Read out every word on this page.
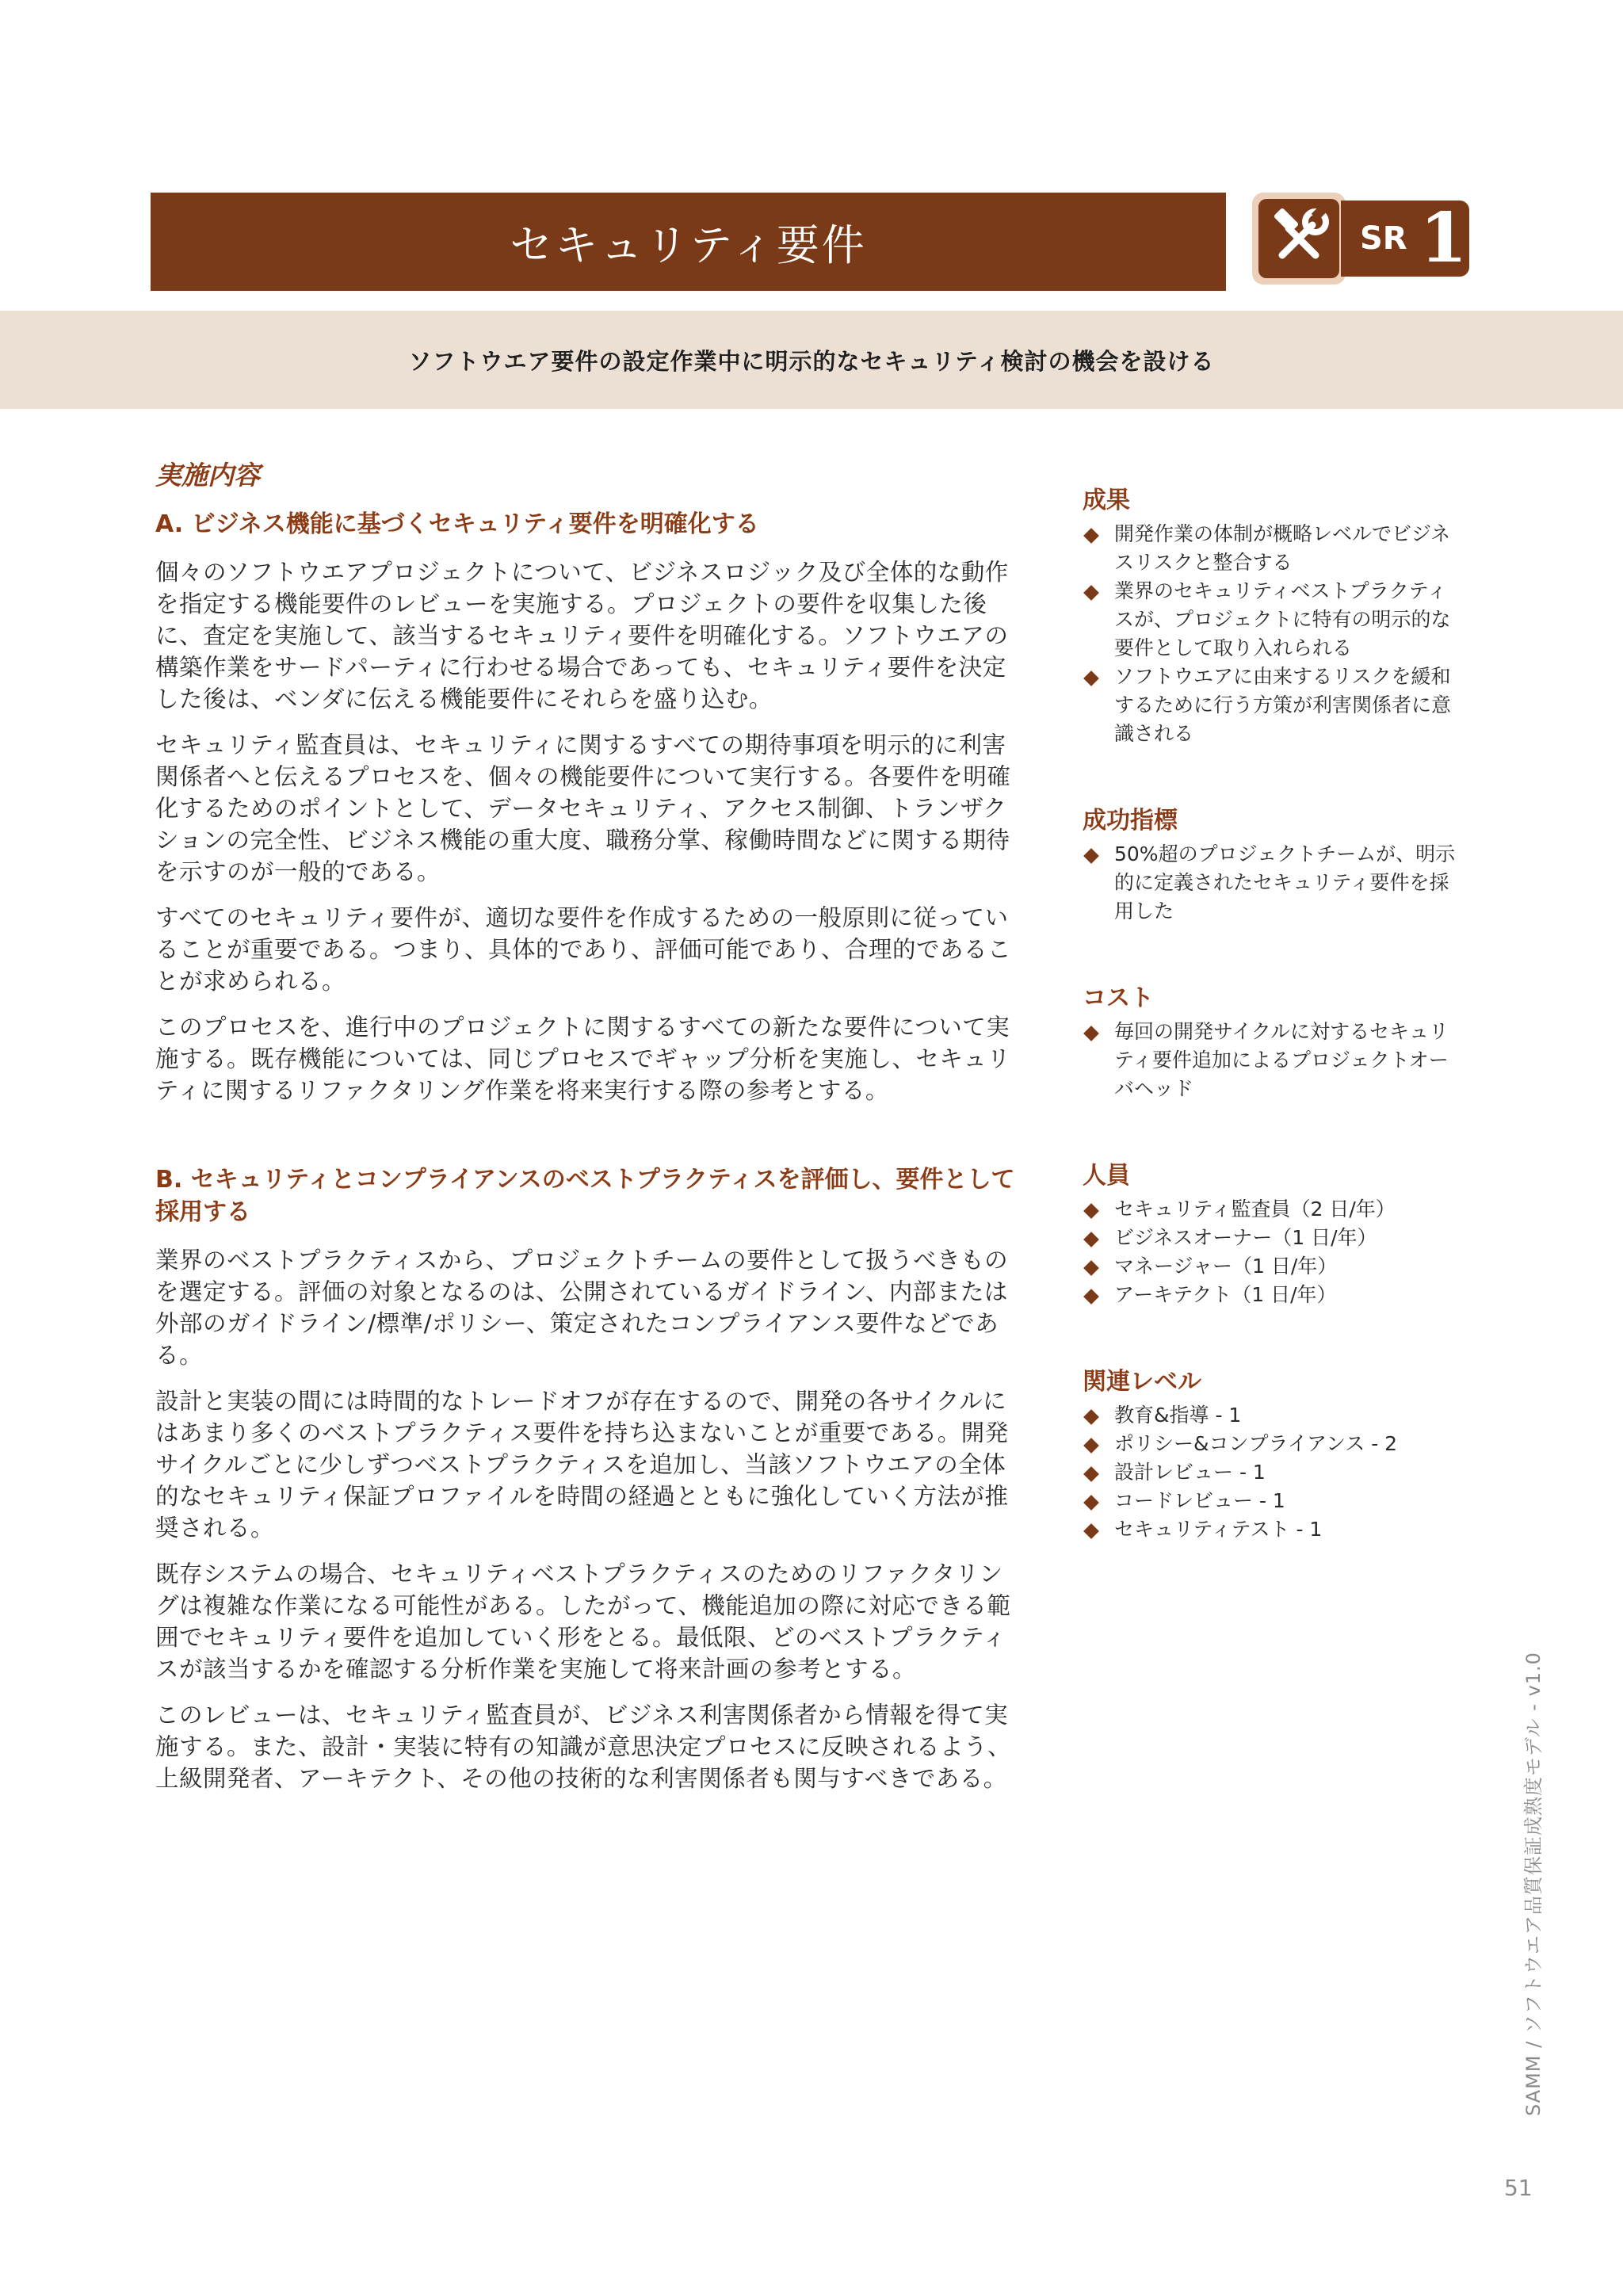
セキュリティ要件	SR 1
ソフトウエア要件の設定作業中に明示的なセキュリティ検討の機会を設ける
実施内容
A. ビジネス機能に基づくセキュリティ要件を明確化する

個々のソフトウエアプロジェクトについて、ビジネスロジック及び全体的な動作を指定する機能要件のレビューを実施する。プロジェクトの要件を収集した後に、査定を実施して、該当するセキュリティ要件を明確化する。ソフトウエアの構築作業をサードパーティに行わせる場合であっても、セキュリティ要件を決定した後は、ベンダに伝える機能要件にそれらを盛り込む。

セキュリティ監査員は、セキュリティに関するすべての期待事項を明示的に利害関係者へと伝えるプロセスを、個々の機能要件について実行する。各要件を明確化するためのポイントとして、データセキュリティ、アクセス制御、トランザクションの完全性、ビジネス機能の重大度、職務分掌、稼働時間などに関する期待を示すのが一般的である。

すべてのセキュリティ要件が、適切な要件を作成するための一般原則に従っていることが重要である。つまり、具体的であり、評価可能であり、合理的であることが求められる。

このプロセスを、進行中のプロジェクトに関するすべての新たな要件について実施する。既存機能については、同じプロセスでギャップ分析を実施し、セキュリティに関するリファクタリング作業を将来実行する際の参考とする。

B. セキュリティとコンプライアンスのベストプラクティスを評価し、要件として採用する

業界のベストプラクティスから、プロジェクトチームの要件として扱うべきものを選定する。評価の対象となるのは、公開されているガイドライン、内部または外部のガイドライン/標準/ポリシー、策定されたコンプライアンス要件などである。

設計と実装の間には時間的なトレードオフが存在するので、開発の各サイクルにはあまり多くのベストプラクティス要件を持ち込まないことが重要である。開発サイクルごとに少しずつベストプラクティスを追加し、当該ソフトウエアの全体的なセキュリティ保証プロファイルを時間の経過とともに強化していく方法が推奨される。

既存システムの場合、セキュリティベストプラクティスのためのリファクタリングは複雑な作業になる可能性がある。したがって、機能追加の際に対応できる範囲でセキュリティ要件を追加していく形をとる。最低限、どのベストプラクティスが該当するかを確認する分析作業を実施して将来計画の参考とする。

このレビューは、セキュリティ監査員が、ビジネス利害関係者から情報を得て実施する。また、設計・実装に特有の知識が意思決定プロセスに反映されるよう、上級開発者、アーキテクト、その他の技術的な利害関係者も関与すべきである。

成果
開発作業の体制が概略レベルでビジネスリスクと整合する
業界のセキュリティベストプラクティスが、プロジェクトに特有の明示的な要件として取り入れられる
ソフトウエアに由来するリスクを緩和するために行う方策が利害関係者に意識される
成功指標
50%超のプロジェクトチームが、明示的に定義されたセキュリティ要件を採用した
コスト
毎回の開発サイクルに対するセキュリティ要件追加によるプロジェクトオーバヘッド
人員
セキュリティ監査員（2 日/年）
ビジネスオーナー（1 日/年）
マネージャー（1 日/年）
アーキテクト（1 日/年）
関連レベル
教育&指導 - 1
ポリシー&コンプライアンス - 2
設計レビュー - 1
コードレビュー - 1
セキュリティテスト - 1
SAMM / ソフトウエア品質保証成熟度モデル - v1.0
51
